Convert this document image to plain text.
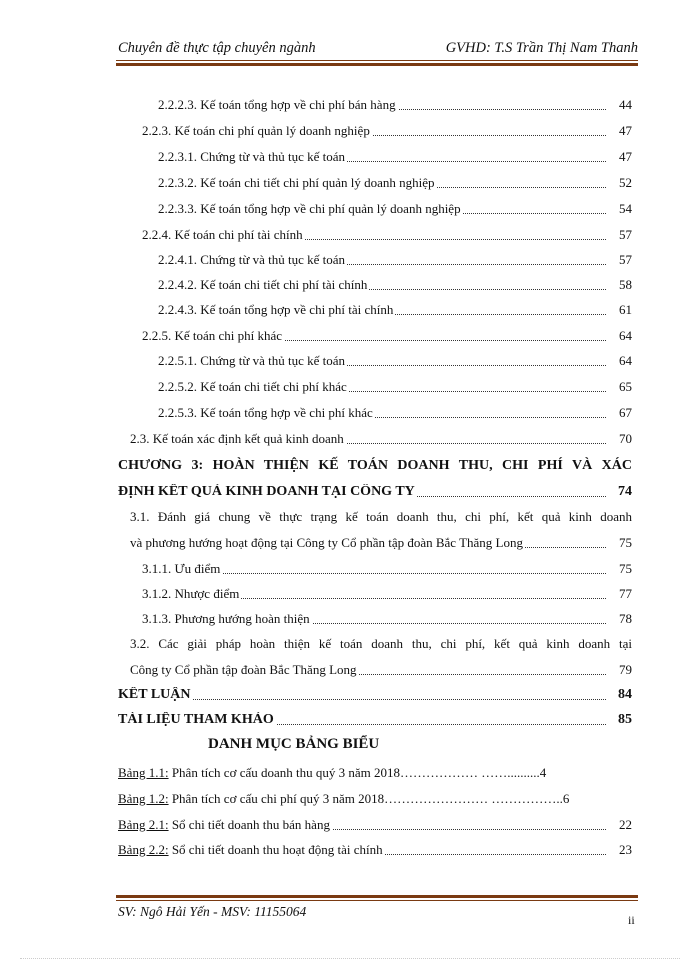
Chuyên đề thực tập chuyên ngành	GVHD: T.S Trần Thị Nam Thanh
2.2.2.3. Kế toán tổng hợp về chi phí bán hàng	44
2.2.3. Kế toán chi phí quản lý doanh nghiệp	47
2.2.3.1. Chứng từ và thủ tục kế toán	47
2.2.3.2. Kế toán chi tiết chi phí quản lý doanh nghiệp	52
2.2.3.3. Kế toán tổng hợp về chi phí quản lý doanh nghiệp	54
2.2.4. Kế toán chi phí tài chính	57
2.2.4.1. Chứng từ và thủ tục kế toán	57
2.2.4.2. Kế toán chi tiết chi phí tài chính	58
2.2.4.3. Kế toán tổng hợp về chi phí tài chính	61
2.2.5. Kế toán chi phí khác	64
2.2.5.1. Chứng từ và thủ tục kế toán	64
2.2.5.2. Kế toán chi tiết chi phí khác	65
2.2.5.3. Kế toán tổng hợp về chi phí khác	67
2.3. Kế toán xác định kết quả kinh doanh	70
CHƯƠNG 3: HOÀN THIỆN KẾ TOÁN DOANH THU, CHI PHÍ VÀ XÁC
ĐỊNH KẾT QUẢ KINH DOANH TẠI CÔNG TY	74
3.1. Đánh giá chung về thực trạng kế toán doanh thu, chi phí, kết quả kinh doanh
và phương hướng hoạt động tại Công ty Cổ phần tập đoàn Bắc Thăng Long	75
3.1.1. Ưu điểm	75
3.1.2. Nhược điểm	77
3.1.3. Phương hướng hoàn thiện	78
3.2. Các giải pháp hoàn thiện kế toán doanh thu, chi phí, kết quả kinh doanh tại
Công ty Cổ phần tập đoàn Bắc Thăng Long	79
KẾT LUẬN	84
TÀI LIỆU THAM KHẢO	85
DANH MỤC BẢNG BIỂU
Bảng 1.1: Phân tích cơ cấu doanh thu quý 3 năm 2018……………… ……..........4
Bảng 1.2: Phân tích cơ cấu chi phí quý 3 năm 2018…………………… ……………..6
Bảng 2.1: Sổ chi tiết doanh thu bán hàng	22
Bảng 2.2: Sổ chi tiết doanh thu hoạt động tài chính	23
SV: Ngô Hải Yến - MSV: 11155064
ii
